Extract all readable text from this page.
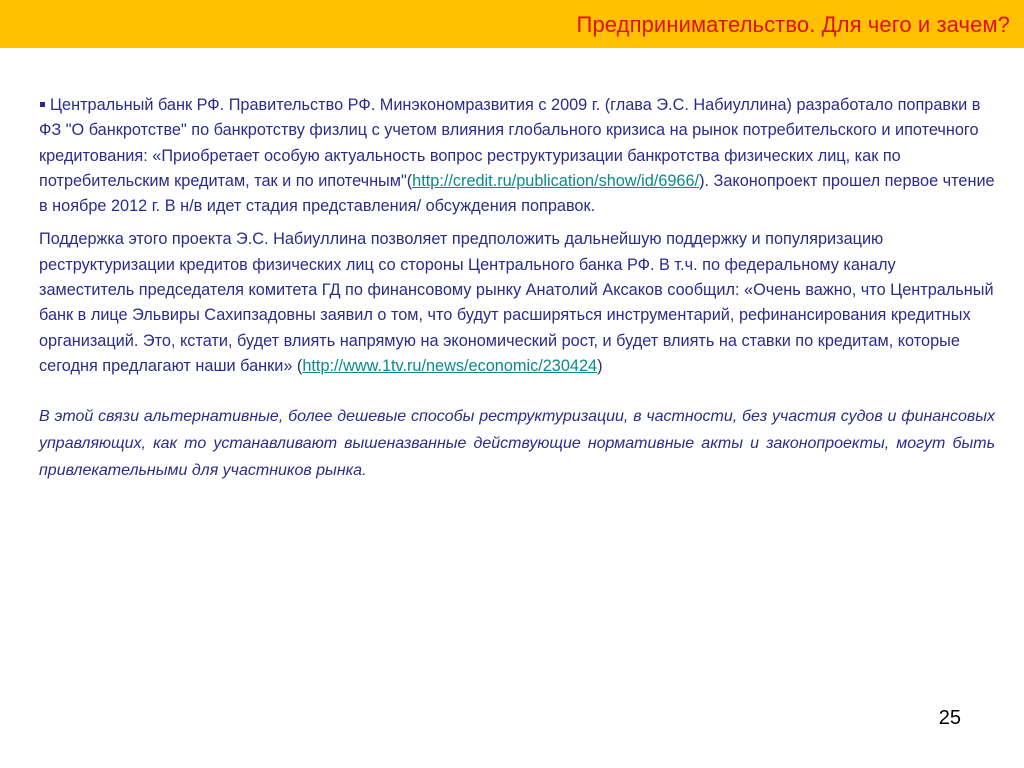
Предпринимательство. Для чего и зачем?

Центральный банк РФ. Правительство РФ. Минэкономразвития с 2009 г. (глава Э.С. Набиуллина) разработало поправки в ФЗ "О банкротстве" по банкротству физлиц с учетом влияния глобального кризиса на рынок потребительского и ипотечного кредитования: «Приобретает особую актуальность вопрос реструктуризации банкротства физических лиц, как по потребительским кредитам, так и по ипотечным"(http://credit.ru/publication/show/id/6966/). Законопроект прошел первое чтение в ноябре 2012 г. В н/в идет стадия представления/ обсуждения поправок.

Поддержка этого проекта Э.С. Набиуллина позволяет предположить дальнейшую поддержку и популяризацию реструктуризации кредитов физических лиц со стороны Центрального банка РФ. В т.ч. по федеральному каналу заместитель председателя комитета ГД по финансовому рынку Анатолий Аксаков сообщил: «Очень важно, что Центральный банк в лице Эльвиры Сахипзадовны заявил о том, что будут расширяться инструментарий, рефинансирования кредитных организаций. Это, кстати, будет влиять напрямую на экономический рост, и будет влиять на ставки по кредитам, которые сегодня предлагают наши банки» (http://www.1tv.ru/news/economic/230424)

В этой связи альтернативные, более дешевые способы реструктуризации, в частности, без участия судов и финансовых управляющих, как то устанавливают вышеназванные действующие нормативные акты и законопроекты, могут быть привлекательными для участников рынка.

25
